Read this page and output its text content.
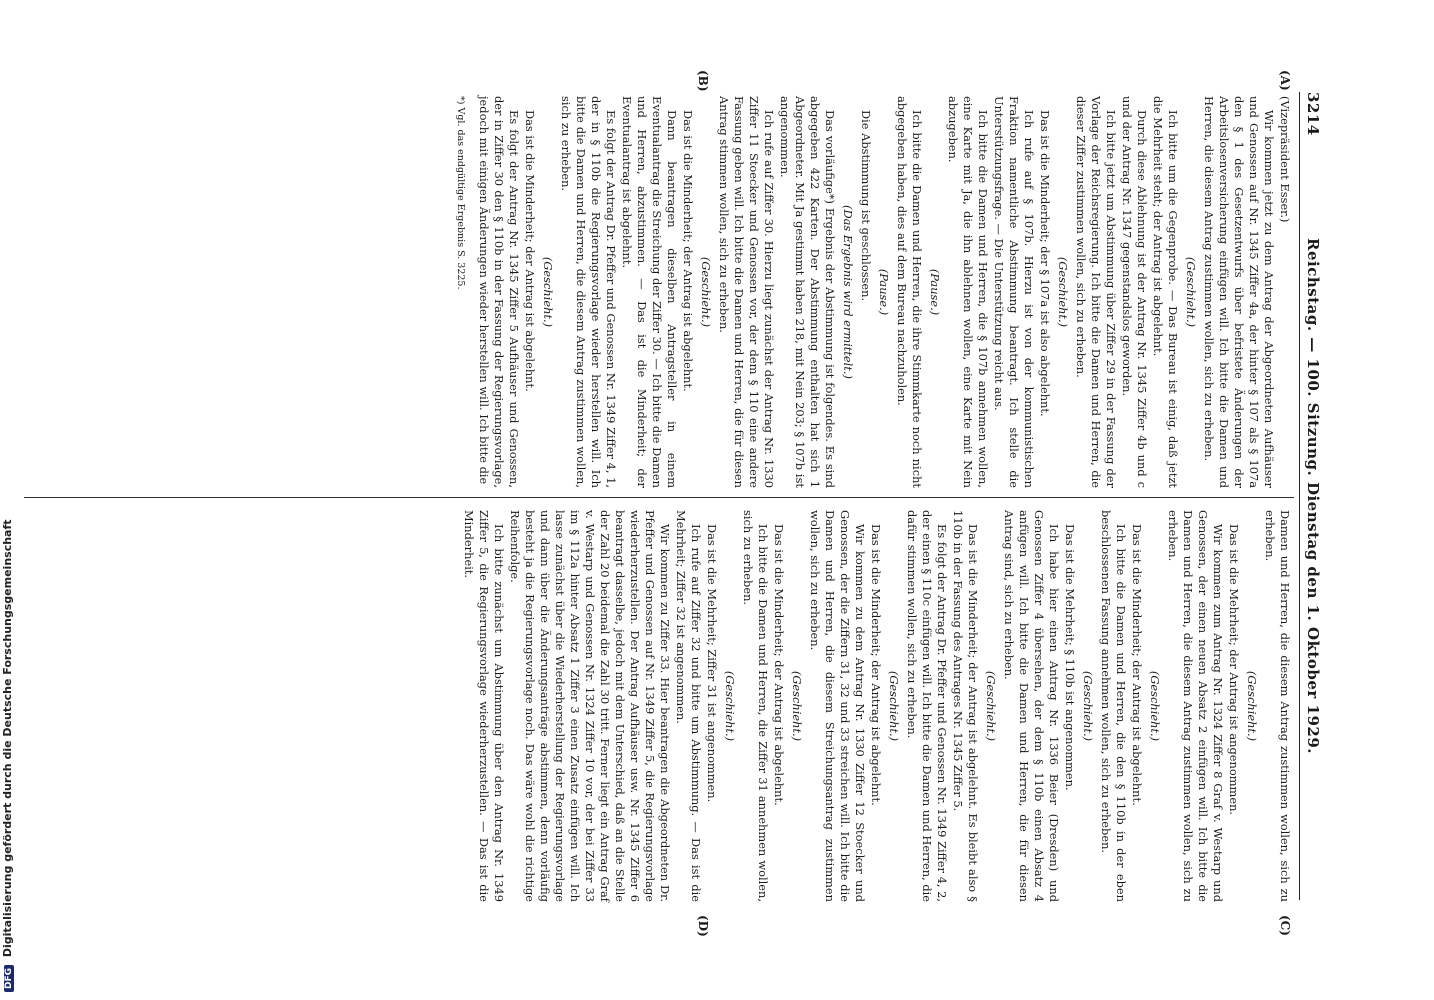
3214
Reichstag. — 100. Sitzung. Dienstag den 1. Oktober 1929.
(A)
(B)
(C)
(D)

(Vizepräsident Esser.)

Wir kommen jetzt zu dem Antrag der Abgeordneten Aufhäuser und Genossen auf Nr. 1345 Ziffer 4a, der hinter § 107 als § 107a den § 1 des Gesetzentwurfs über befristete Änderungen der Arbeitslosenversicherung einfügen will. Ich bitte die Damen und Herren, die diesem Antrag zustimmen wollen, sich zu erheben.

(Geschieht.)

Ich bitte um die Gegenprobe. — Das Bureau ist einig, daß jetzt die Mehrheit steht; der Antrag ist abgelehnt.

Durch diese Ablehnung ist der Antrag Nr. 1345 Ziffer 4b und c und der Antrag Nr. 1347 gegenstandslos geworden.

Ich bitte jetzt um Abstimmung über Ziffer 29 in der Fassung der Vorlage der Reichsregierung. Ich bitte die Damen und Herren, die dieser Ziffer zustimmen wollen, sich zu erheben.

(Geschieht.)

Das ist die Minderheit; der § 107a ist also abgelehnt.

Ich rufe auf § 107b. Hierzu ist von der kommunistischen Fraktion namentliche Abstimmung beantragt. Ich stelle die Unterstützungsfrage. — Die Unterstützung reicht aus.

Ich bitte die Damen und Herren, die § 107b annehmen wollen, eine Karte mit Ja, die ihn ablehnen wollen, eine Karte mit Nein abzugeben.

(Pause.)

Ich bitte die Damen und Herren, die ihre Stimmkarte noch nicht abgegeben haben, dies auf dem Bureau nachzuholen.

(Pause.)

Die Abstimmung ist geschlossen.

(Das Ergebnis wird ermittelt.)

Das vorläufige*) Ergebnis der Abstimmung ist folgendes. Es sind abgegeben 422 Karten. Der Abstimmung enthalten hat sich 1 Abgeordneter. Mit Ja gestimmt haben 218, mit Nein 203; § 107b ist angenommen.

Ich rufe auf Ziffer 30. Hierzu liegt zunächst der Antrag Nr. 1330 Ziffer 11 Stoecker und Genossen vor, der dem § 110 eine andere Fassung geben will. Ich bitte die Damen und Herren, die für diesen Antrag stimmen wollen, sich zu erheben.

(Geschieht.)

Das ist die Minderheit; der Antrag ist abgelehnt.

Dann beantragen dieselben Antragsteller in einem Eventualantrag die Streichung der Ziffer 30. — Ich bitte die Damen und Herren, abzustimmen. — Das ist die Minderheit; der Eventualantrag ist abgelehnt.

Es folgt der Antrag Dr. Pfeffer und Genossen Nr. 1349 Ziffer 4, 1, der in § 110b die Regierungsvorlage wieder herstellen will. Ich bitte die Damen und Herren, die diesem Antrag zustimmen wollen, sich zu erheben.

(Geschieht.)

Das ist die Minderheit; der Antrag ist abgelehnt.

Es folgt der Antrag Nr. 1345 Ziffer 5 Aufhäuser und Genossen, der in Ziffer 30 den § 110b in der Fassung der Regierungsvorlage, jedoch mit einigen Änderungen wieder herstellen will. Ich bitte die

*) Vgl. das endgültige Ergebnis S. 3225.

Damen und Herren, die diesem Antrag zustimmen wollen, sich zu erheben.

(Geschieht.)

Das ist die Mehrheit; der Antrag ist angenommen.

Wir kommen zum Antrag Nr. 1324 Ziffer 8 Graf v. Westarp und Genossen, der einen neuen Absatz 2 einfügen will. Ich bitte die Damen und Herren, die diesem Antrag zustimmen wollen, sich zu erheben.

(Geschieht.)

Das ist die Minderheit; der Antrag ist abgelehnt.

Ich bitte die Damen und Herren, die den § 110b in der eben beschlossenen Fassung annehmen wollen, sich zu erheben.

(Geschieht.)

Das ist die Mehrheit; § 110b ist angenommen.

Ich habe hier einen Antrag Nr. 1336 Beier (Dresden) und Genossen Ziffer 4 übersehen, der dem § 110b einen Absatz 4 anfügen will. Ich bitte die Damen und Herren, die für diesen Antrag sind, sich zu erheben.

(Geschieht.)

Das ist die Minderheit; der Antrag ist abgelehnt. Es bleibt also § 110b in der Fassung des Antrages Nr. 1345 Ziffer 5.

Es folgt der Antrag Dr. Pfeffer und Genossen Nr. 1349 Ziffer 4, 2, der einen § 110c einfügen will. Ich bitte die Damen und Herren, die dafür stimmen wollen, sich zu erheben.

(Geschieht.)

Das ist die Minderheit; der Antrag ist abgelehnt.

Wir kommen zu dem Antrag Nr. 1330 Ziffer 12 Stoecker und Genossen, der die Ziffern 31, 32 und 33 streichen will. Ich bitte die Damen und Herren, die diesem Streichungsantrag zustimmen wollen, sich zu erheben.

(Geschieht.)

Das ist die Minderheit; der Antrag ist abgelehnt.

Ich bitte die Damen und Herren, die Ziffer 31 annehmen wollen, sich zu erheben.

(Geschieht.)

Das ist die Mehrheit; Ziffer 31 ist angenommen.

Ich rufe auf Ziffer 32 und bitte um Abstimmung. — Das ist die Mehrheit; Ziffer 32 ist angenommen.

Wir kommen zu Ziffer 33. Hier beantragen die Abgeordneten Dr. Pfeffer und Genossen auf Nr. 1349 Ziffer 5, die Regierungsvorlage wiederherzustellen. Der Antrag Aufhäuser usw. Nr. 1345 Ziffer 6 beantragt dasselbe, jedoch mit dem Unterschied, daß an die Stelle der Zahl 20 beidemal die Zahl 30 tritt. Ferner liegt ein Antrag Graf v. Westarp und Genossen Nr. 1324 Ziffer 10 vor, der bei Ziffer 33 im § 112a hinter Absatz 1 Ziffer 3 einen Zusatz einfügen will. Ich lasse zunächst über die Wiederherstellung der Regierungsvorlage und dann über die Änderungsanträge abstimmen, denn vorläufig besteht ja die Regierungsvorlage noch. Das wäre wohl die richtige Reihenfolge.

Ich bitte zunächst um Abstimmung über den Antrag Nr. 1349 Ziffer 5, die Regierungsvorlage wiederherzustellen. — Das ist die Minderheit.

DFG Digitalisierung gefördert durch die Deutsche Forschungsgemeinschaft
